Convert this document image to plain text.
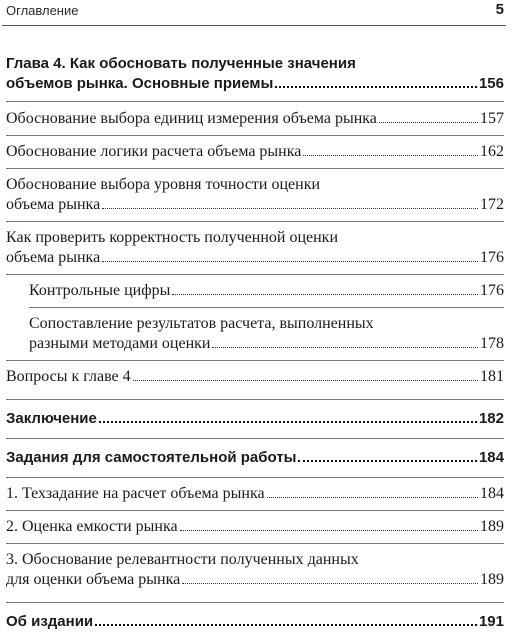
Оглавление	5
Глава 4. Как обосновать полученные значения
объемов рынка. Основные приемы	156
Обоснование выбора единиц измерения объема рынка	157
Обоснование логики расчета объема рынка	162
Обоснование выбора уровня точности оценки
объема рынка	172
Как проверить корректность полученной оценки
объема рынка	176
Контрольные цифры	176
Сопоставление результатов расчета, выполненных
разными методами оценки	178
Вопросы к главе 4	181
Заключение	182
Задания для самостоятельной работы	184
1. Техзадание на расчет объема рынка	184
2. Оценка емкости рынка	189
3. Обоснование релевантности полученных данных
для оценки объема рынка	189
Об издании	191
